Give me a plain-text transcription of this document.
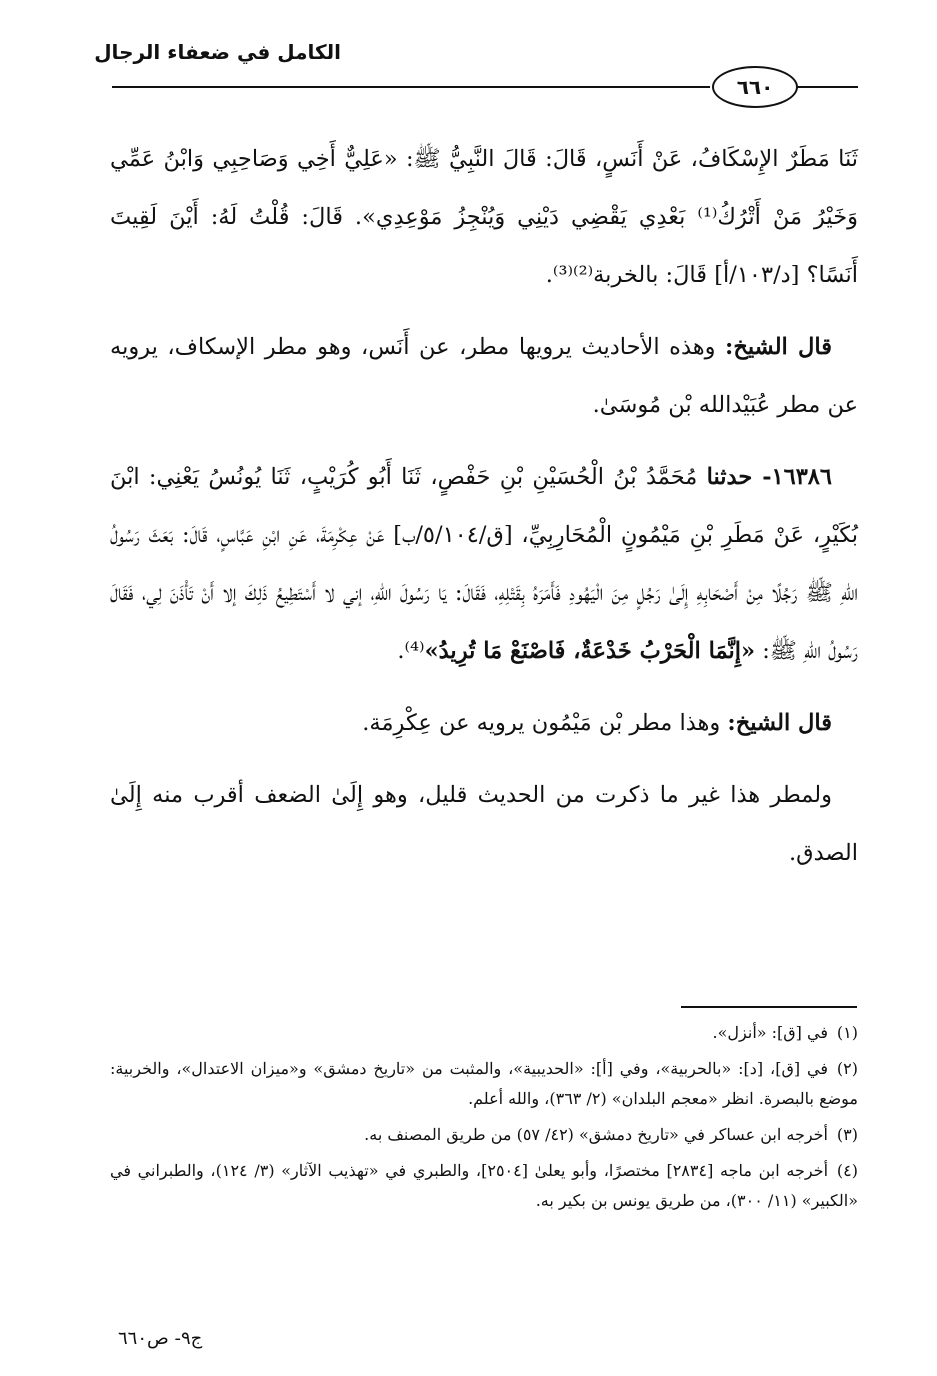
الكامل في ضعفاء الرجال
٦٦٠

ثَنَا مَطَرٌ الإِسْكَافُ، عَنْ أَنَسٍ، قَالَ: قَالَ النَّبِيُّ ﷺ: «عَلِيٌّ أَخِي وَصَاحِبِي وَابْنُ عَمِّي وَخَيْرُ مَنْ أَتْرُكُ⁽¹⁾ بَعْدِي يَقْضِي دَيْنِي وَيُنْجِزُ مَوْعِدِي». قَالَ: قُلْتُ لَهُ: أَيْنَ لَقِيتَ أَنَسًا؟ [د/١٠٣/أ] قَالَ: بالخربة⁽²⁾⁽³⁾.

قال الشيخ: وهذه الأحاديث يرويها مطر، عن أَنَس، وهو مطر الإسكاف، يرويه عن مطر عُبَيْدالله بْن مُوسَىٰ.

١٦٣٨٦- حدثنا مُحَمَّدُ بْنُ الْحُسَيْنِ بْنِ حَفْصٍ، ثَنَا أَبُو كُرَيْبٍ، ثَنَا يُونُسُ يَعْنِي: ابْنَ بُكَيْرٍ، عَنْ مَطَرِ بْنِ مَيْمُونٍ الْمُحَارِبِيِّ، [ق/٥/١٠٤/ب] عَنْ عِكْرِمَةَ، عَنِ ابْنِ عَبَّاسٍ، قَالَ: بَعَثَ رَسُولُ اللهِ ﷺ رَجُلًا مِنْ أَصْحَابِهِ إِلَىٰ رَجُلٍ مِنَ الْيَهُودِ فَأَمَرَهُ بِقَتْلِهِ، فَقَالَ: يَا رَسُولَ اللهِ، إني لا أَسْتَطِيعُ ذَلِكَ إلا أَنْ تَأْذَنَ لِي، فَقَالَ رَسُولُ اللهِ ﷺ: «إِنَّمَا الْحَرْبُ خَدْعَةٌ، فَاصْنَعْ مَا تُرِيدُ»⁽⁴⁾.

قال الشيخ: وهذا مطر بْن مَيْمُون يرويه عن عِكْرِمَة.

ولمطر هذا غير ما ذكرت من الحديث قليل، وهو إِلَىٰ الضعف أقرب منه إِلَىٰ الصدق.

(١)في [ق]: «أنزل».

(٢)في [ق]، [د]: «بالحربية»، وفي [أ]: «الحديبية»، والمثبت من «تاريخ دمشق» و«ميزان الاعتدال»، والخربية: موضع بالبصرة. انظر «معجم البلدان» (٢/ ٣٦٣)، والله أعلم.

(٣)أخرجه ابن عساكر في «تاريخ دمشق» (٤٢/ ٥٧) من طريق المصنف به.

(٤)أخرجه ابن ماجه [٢٨٣٤] مختصرًا، وأبو يعلىٰ [٢٥٠٤]، والطبري في «تهذيب الآثار» (٣/ ١٢٤)، والطبراني في «الكبير» (١١/ ٣٠٠)، من طريق يونس بن بكير به.

ج٩- ص٦٦٠
